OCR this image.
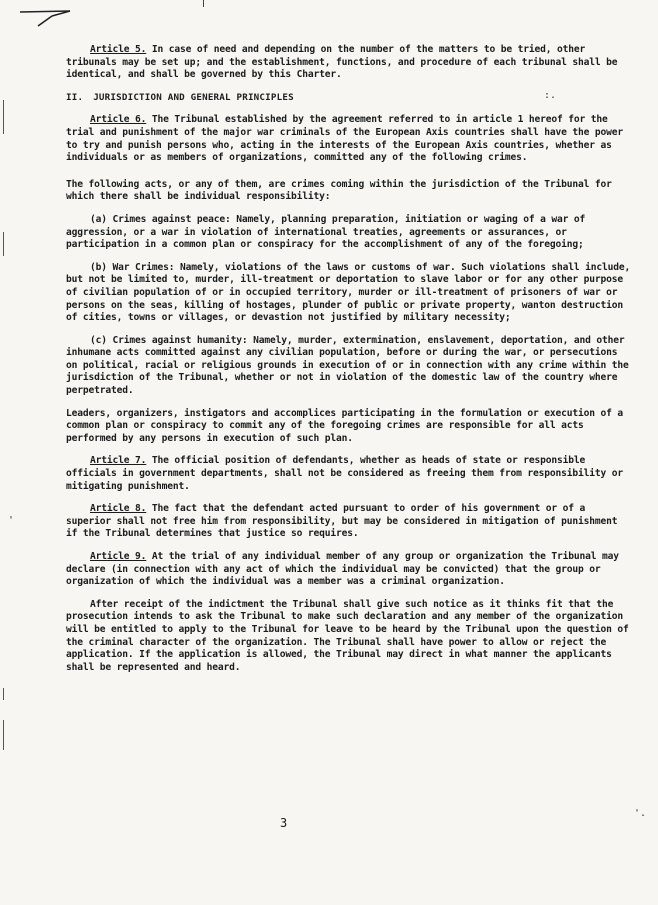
'
:.
'.

Article 5. In case of need and depending on the number of the matters to be tried, other tribunals may be set up; and the establishment, functions, and procedure of each tribunal shall be identical, and shall be governed by this Charter.

II. JURISDICTION AND GENERAL PRINCIPLES

Article 6. The Tribunal established by the agreement referred to in article 1 hereof for the trial and punishment of the major war criminals of the European Axis countries shall have the power to try and punish persons who, acting in the interests of the European Axis countries, whether as individuals or as members of organizations, committed any of the following crimes.

The following acts, or any of them, are crimes coming within the jurisdiction of the Tribunal for which there shall be individual responsibility:

(a) Crimes against peace: Namely, planning preparation, initiation or waging of a war of aggression, or a war in violation of international treaties, agreements or assurances, or participation in a common plan or conspiracy for the accomplishment of any of the foregoing;

(b) War Crimes: Namely, violations of the laws or customs of war. Such violations shall include, but not be limited to, murder, ill-treatment or deportation to slave labor or for any other purpose of civilian population of or in occupied territory, murder or ill-treatment of prisoners of war or persons on the seas, killing of hostages, plunder of public or private property, wanton destruction of cities, towns or villages, or devastion not justified by military necessity;

(c) Crimes against humanity: Namely, murder, extermination, enslavement, deportation, and other inhumane acts committed against any civilian population, before or during the war, or persecutions on political, racial or religious grounds in execution of or in connection with any crime within the jurisdiction of the Tribunal, whether or not in violation of the domestic law of the country where perpetrated.

Leaders, organizers, instigators and accomplices participating in the formulation or execution of a common plan or conspiracy to commit any of the foregoing crimes are responsible for all acts performed by any persons in execution of such plan.

Article 7. The official position of defendants, whether as heads of state or responsible officials in government departments, shall not be considered as freeing them from responsibility or mitigating punishment.

Article 8. The fact that the defendant acted pursuant to order of his government or of a superior shall not free him from responsibility, but may be considered in mitigation of punishment if the Tribunal determines that justice so requires.

Article 9. At the trial of any individual member of any group or organization the Tribunal may declare (in connection with any act of which the individual may be convicted) that the group or organization of which the individual was a member was a criminal organization.

After receipt of the indictment the Tribunal shall give such notice as it thinks fit that the prosecution intends to ask the Tribunal to make such declaration and any member of the organization will be entitled to apply to the Tribunal for leave to be heard by the Tribunal upon the question of the criminal character of the organization. The Tribunal shall have power to allow or reject the application. If the application is allowed, the Tribunal may direct in what manner the applicants shall be represented and heard.

3
